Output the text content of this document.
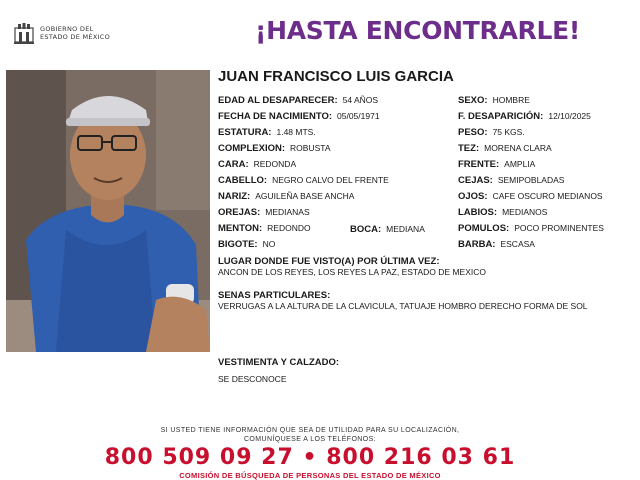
GOBIERNO DEL
ESTADO DE MÉXICO	¡HASTA ENCONTRARLE!
JUAN FRANCISCO LUIS GARCIA
EDAD AL DESAPARECER: 54 AÑOS	SEXO: HOMBRE
FECHA DE NACIMIENTO: 05/05/1971	F. DESAPARICIÓN: 12/10/2025
ESTATURA: 1.48 MTS.	PESO: 75 KGS.
COMPLEXION: ROBUSTA	TEZ: MORENA CLARA
CARA: REDONDA	FRENTE: AMPLIA
CABELLO: NEGRO CALVO DEL FRENTE	CEJAS: SEMIPOBLADAS
NARIZ: AGUILEÑA BASE ANCHA	OJOS: CAFE OSCURO MEDIANOS
OREJAS: MEDIANAS	LABIOS: MEDIANOS
MENTON: REDONDO	BOCA: MEDIANA	POMULOS: POCO PROMINENTES
BIGOTE: NO	BARBA: ESCASA
LUGAR DONDE FUE VISTO(A) POR ÚLTIMA VEZ:
ANCON DE LOS REYES, LOS REYES LA PAZ, ESTADO DE MEXICO
SENAS PARTICULARES:
VERRUGAS A LA ALTURA DE LA CLAVICULA, TATUAJE HOMBRO DERECHO FORMA DE SOL
VESTIMENTA Y CALZADO:
SE DESCONOCE
SI USTED TIENE INFORMACIÓN QUE SEA DE UTILIDAD PARA SU LOCALIZACIÓN,
COMUNÍQUESE A LOS TELÉFONOS:
800 509 09 27 • 800 216 03 61
COMISIÓN DE BÚSQUEDA DE PERSONAS DEL ESTADO DE MÉXICO
